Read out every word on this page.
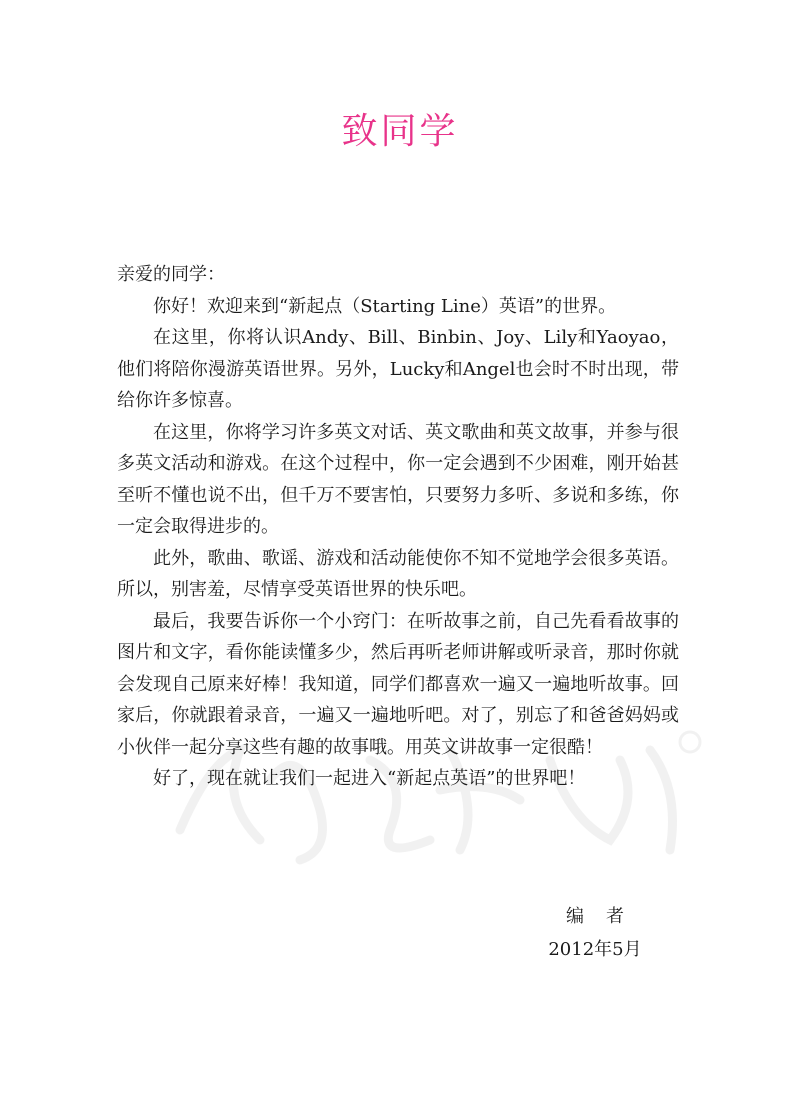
致同学

亲爱的同学：

你好！欢迎来到“新起点（Starting Line）英语”的世界。

在这里，你将认识Andy、Bill、Binbin、Joy、Lily和Yaoyao，他们将陪你漫游英语世界。另外，Lucky和Angel也会时不时出现，带给你许多惊喜。

在这里，你将学习许多英文对话、英文歌曲和英文故事，并参与很多英文活动和游戏。在这个过程中，你一定会遇到不少困难，刚开始甚至听不懂也说不出，但千万不要害怕，只要努力多听、多说和多练，你一定会取得进步的。

此外，歌曲、歌谣、游戏和活动能使你不知不觉地学会很多英语。所以，别害羞，尽情享受英语世界的快乐吧。

最后，我要告诉你一个小窍门：在听故事之前，自己先看看故事的图片和文字，看你能读懂多少，然后再听老师讲解或听录音，那时你就会发现自己原来好棒！我知道，同学们都喜欢一遍又一遍地听故事。回家后，你就跟着录音，一遍又一遍地听吧。对了，别忘了和爸爸妈妈或小伙伴一起分享这些有趣的故事哦。用英文讲故事一定很酷！

好了，现在就让我们一起进入“新起点英语”的世界吧！

编者
2012年5月
